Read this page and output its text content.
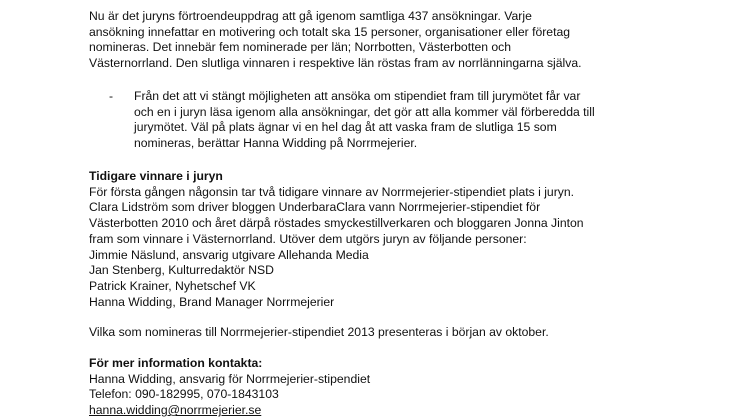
Nu är det juryns förtroendeuppdrag att gå igenom samtliga 437 ansökningar. Varje
ansökning innefattar en motivering och totalt ska 15 personer, organisationer eller företag
nomineras. Det innebär fem nominerade per län; Norrbotten, Västerbotten och
Västernorrland. Den slutliga vinnaren i respektive län röstas fram av norrlänningarna själva.
- Från det att vi stängt möjligheten att ansöka om stipendiet fram till jurymötet får var
och en i juryn läsa igenom alla ansökningar, det gör att alla kommer väl förberedda till
jurymötet. Väl på plats ägnar vi en hel dag åt att vaska fram de slutliga 15 som
nomineras, berättar Hanna Widding på Norrmejerier.
Tidigare vinnare i juryn
För första gången någonsin tar två tidigare vinnare av Norrmejerier-stipendiet plats i juryn.
Clara Lidström som driver bloggen UnderbaraClara vann Norrmejerier-stipendiet för
Västerbotten 2010 och året därpå röstades smyckestillverkaren och bloggaren Jonna Jinton
fram som vinnare i Västernorrland. Utöver dem utgörs juryn av följande personer:
Jimmie Näslund, ansvarig utgivare Allehanda Media
Jan Stenberg, Kulturredaktör NSD
Patrick Krainer, Nyhetschef VK
Hanna Widding, Brand Manager Norrmejerier
Vilka som nomineras till Norrmejerier-stipendiet 2013 presenteras i början av oktober.
För mer information kontakta:
Hanna Widding, ansvarig för Norrmejerier-stipendiet
Telefon: 090-182995, 070-1843103
hanna.widding@norrmejerier.se
